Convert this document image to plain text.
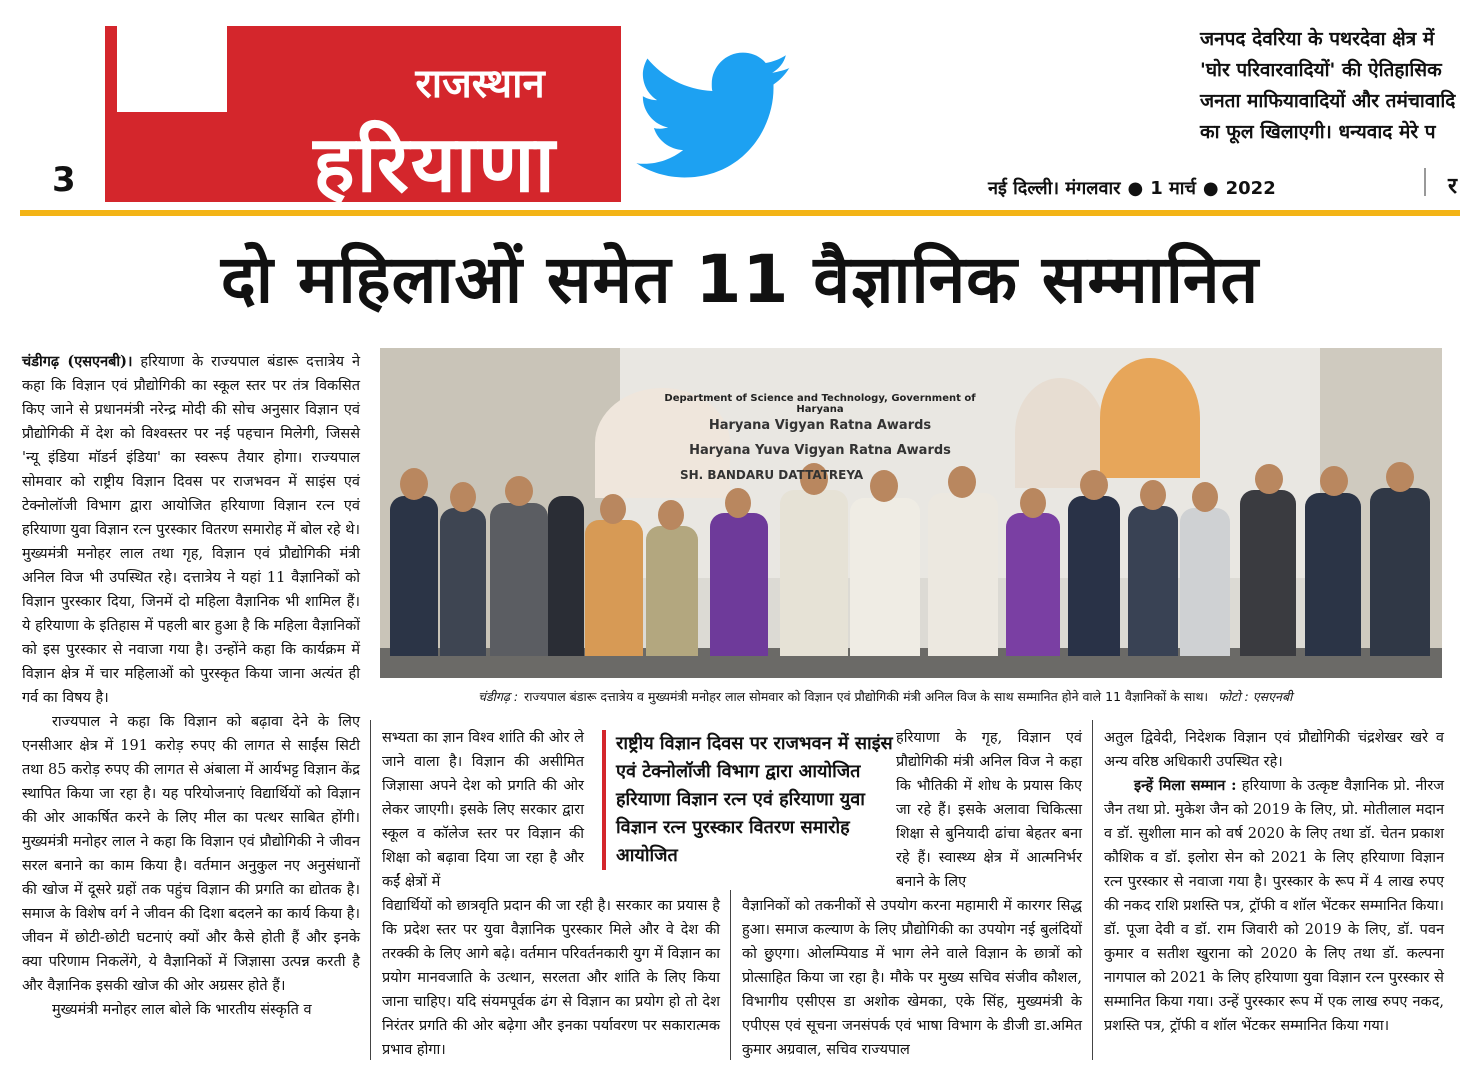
3
राजस्थान
हरियाणा
जनपद देवरिया के पथरदेवा क्षेत्र में
'घोर परिवारवादियों' की ऐतिहासिक
जनता माफियावादियों और तमंचावादि
का फूल खिलाएगी। धन्यवाद मेरे प
नई दिल्ली। मंगलवार ● 1 मार्च ● 2022	र
दो महिलाओं समेत 11 वैज्ञानिक सम्मानित

चंडीगढ़ (एसएनबी)। हरियाणा के राज्यपाल बंडारू दत्तात्रेय ने कहा कि विज्ञान एवं प्रौद्योगिकी का स्कूल स्तर पर तंत्र विकसित किए जाने से प्रधानमंत्री नरेन्द्र मोदी की सोच अनुसार विज्ञान एवं प्रौद्योगिकी में देश को विश्वस्तर पर नई पहचान मिलेगी, जिससे 'न्यू इंडिया मॉडर्न इंडिया' का स्वरूप तैयार होगा। राज्यपाल सोमवार को राष्ट्रीय विज्ञान दिवस पर राजभवन में साइंस एवं टेक्नोलॉजी विभाग द्वारा आयोजित हरियाणा विज्ञान रत्न एवं हरियाणा युवा विज्ञान रत्न पुरस्कार वितरण समारोह में बोल रहे थे। मुख्यमंत्री मनोहर लाल तथा गृह, विज्ञान एवं प्रौद्योगिकी मंत्री अनिल विज भी उपस्थित रहे। दत्तात्रेय ने यहां 11 वैज्ञानिकों को विज्ञान पुरस्कार दिया, जिनमें दो महिला वैज्ञानिक भी शामिल हैं। ये हरियाणा के इतिहास में पहली बार हुआ है कि महिला वैज्ञानिकों को इस पुरस्कार से नवाजा गया है। उन्होंने कहा कि कार्यक्रम में विज्ञान क्षेत्र में चार महिलाओं को पुरस्कृत किया जाना अत्यंत ही गर्व का विषय है।

राज्यपाल ने कहा कि विज्ञान को बढ़ावा देने के लिए एनसीआर क्षेत्र में 191 करोड़ रुपए की लागत से साईंस सिटी तथा 85 करोड़ रुपए की लागत से अंबाला में आर्यभट्ट विज्ञान केंद्र स्थापित किया जा रहा है। यह परियोजनाएं विद्यार्थियों को विज्ञान की ओर आकर्षित करने के लिए मील का पत्थर साबित होंगी। मुख्यमंत्री मनोहर लाल ने कहा कि विज्ञान एवं प्रौद्योगिकी ने जीवन सरल बनाने का काम किया है। वर्तमान अनुकुल नए अनुसंधानों की खोज में दूसरे ग्रहों तक पहुंच विज्ञान की प्रगति का द्योतक है। समाज के विशेष वर्ग ने जीवन की दिशा बदलने का कार्य किया है। जीवन में छोटी-छोटी घटनाएं क्यों और कैसे होती हैं और इनके क्या परिणाम निकलेंगे, ये वैज्ञानिकों में जिज्ञासा उत्पन्न करती है और वैज्ञानिक इसकी खोज की ओर अग्रसर होते हैं।

मुख्यमंत्री मनोहर लाल बोले कि भारतीय संस्कृति व

Department of Science and Technology, Government of Haryana
Haryana Vigyan Ratna Awards
Haryana Yuva Vigyan Ratna Awards
SH. BANDARU DATTATREYA
चंडीगढ़ : राज्यपाल बंडारू दत्तात्रेय व मुख्यमंत्री मनोहर लाल सोमवार को विज्ञान एवं प्रौद्योगिकी मंत्री अनिल विज के साथ सम्मानित होने वाले 11 वैज्ञानिकों के साथ। फोटो : एसएनबी

सभ्यता का ज्ञान विश्व शांति की ओर ले जाने वाला है। विज्ञान की असीमित जिज्ञासा अपने देश को प्रगति की ओर लेकर जाएगी। इसके लिए सरकार द्वारा स्कूल व कॉलेज स्तर पर विज्ञान की शिक्षा को बढ़ावा दिया जा रहा है और कईं क्षेत्रों में

विद्यार्थियों को छात्रवृति प्रदान की जा रही है। सरकार का प्रयास है कि प्रदेश स्तर पर युवा वैज्ञानिक पुरस्कार मिले और वे देश की तरक्की के लिए आगे बढ़े। वर्तमान परिवर्तनकारी युग में विज्ञान का प्रयोग मानवजाति के उत्थान, सरलता और शांति के लिए किया जाना चाहिए। यदि संयमपूर्वक ढंग से विज्ञान का प्रयोग हो तो देश निरंतर प्रगति की ओर बढ़ेगा और इनका पर्यावरण पर सकारात्मक प्रभाव होगा।

राष्ट्रीय विज्ञान दिवस पर राजभवन में साइंस एवं टेक्नोलॉजी विभाग द्वारा आयोजित हरियाणा विज्ञान रत्न एवं हरियाणा युवा विज्ञान रत्न पुरस्कार वितरण समारोह आयोजित

हरियाणा के गृह, विज्ञान एवं प्रौद्योगिकी मंत्री अनिल विज ने कहा कि भौतिकी में शोध के प्रयास किए जा रहे हैं। इसके अलावा चिकित्सा शिक्षा से बुनियादी ढांचा बेहतर बना रहे हैं। स्वास्थ्य क्षेत्र में आत्मनिर्भर बनाने के लिए

वैज्ञानिकों को तकनीकों से उपयोग करना महामारी में कारगर सिद्ध हुआ। समाज कल्याण के लिए प्रौद्योगिकी का उपयोग नई बुलंदियों को छुएगा। ओलम्पियाड में भाग लेने वाले विज्ञान के छात्रों को प्रोत्साहित किया जा रहा है। मौके पर मुख्य सचिव संजीव कौशल, विभागीय एसीएस डा अशोक खेमका, एके सिंह, मुख्यमंत्री के एपीएस एवं सूचना जनसंपर्क एवं भाषा विभाग के डीजी डा.अमित कुमार अग्रवाल, सचिव राज्यपाल

अतुल द्विवेदी, निदेशक विज्ञान एवं प्रौद्योगिकी चंद्रशेखर खरे व अन्य वरिष्ठ अधिकारी उपस्थित रहे।

इन्हें मिला सम्मान : हरियाणा के उत्कृष्ट वैज्ञानिक प्रो. नीरज जैन तथा प्रो. मुकेश जैन को 2019 के लिए, प्रो. मोतीलाल मदान व डॉ. सुशीला मान को वर्ष 2020 के लिए तथा डॉ. चेतन प्रकाश कौशिक व डॉ. इलोरा सेन को 2021 के लिए हरियाणा विज्ञान रत्न पुरस्कार से नवाजा गया है। पुरस्कार के रूप में 4 लाख रुपए की नकद राशि प्रशस्ति पत्र, ट्रॉफी व शॉल भेंटकर सम्मानित किया। डॉ. पूजा देवी व डॉ. राम जिवारी को 2019 के लिए, डॉ. पवन कुमार व सतीश खुराना को 2020 के लिए तथा डॉ. कल्पना नागपाल को 2021 के लिए हरियाणा युवा विज्ञान रत्न पुरस्कार से सम्मानित किया गया। उन्हें पुरस्कार रूप में एक लाख रुपए नकद, प्रशस्ति पत्र, ट्रॉफी व शॉल भेंटकर सम्मानित किया गया।
